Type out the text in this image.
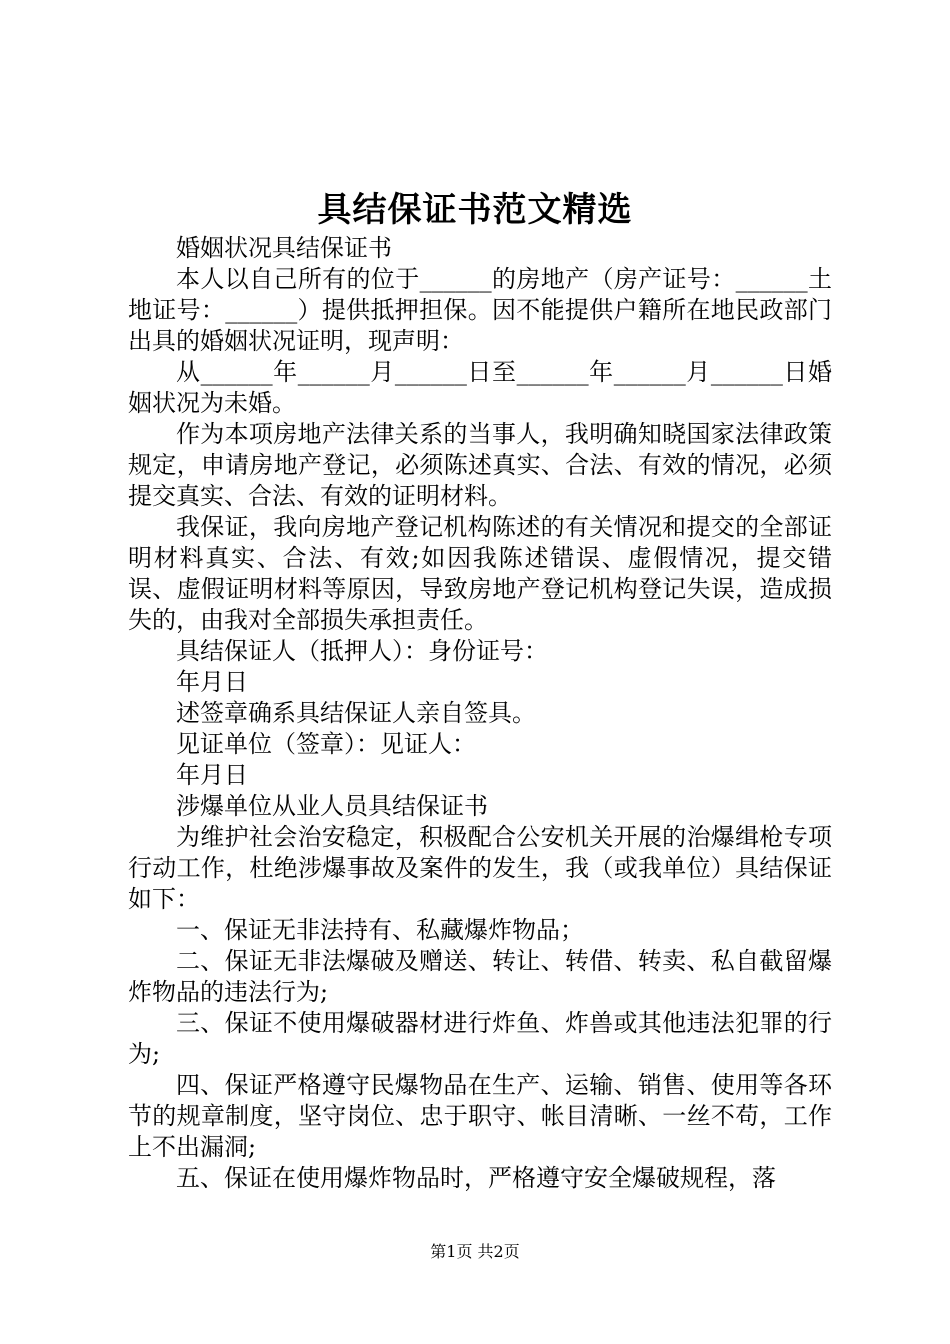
具结保证书范文精选

婚姻状况具结保证书

本人以自己所有的位于______的房地产（房产证号：______土地证号：______）提供抵押担保。因不能提供户籍所在地民政部门出具的婚姻状况证明，现声明：

从______年______月______日至______年______月______日婚姻状况为未婚。

作为本项房地产法律关系的当事人，我明确知晓国家法律政策规定，申请房地产登记，必须陈述真实、合法、有效的情况，必须提交真实、合法、有效的证明材料。

我保证，我向房地产登记机构陈述的有关情况和提交的全部证明材料真实、合法、有效;如因我陈述错误、虚假情况，提交错误、虚假证明材料等原因，导致房地产登记机构登记失误，造成损失的，由我对全部损失承担责任。

具结保证人（抵押人）：身份证号：

年月日

述签章确系具结保证人亲自签具。

见证单位（签章）：见证人：

年月日

涉爆单位从业人员具结保证书

为维护社会治安稳定，积极配合公安机关开展的治爆缉枪专项行动工作，杜绝涉爆事故及案件的发生，我（或我单位）具结保证如下：

一、保证无非法持有、私藏爆炸物品；

二、保证无非法爆破及赠送、转让、转借、转卖、私自截留爆炸物品的违法行为;

三、保证不使用爆破器材进行炸鱼、炸兽或其他违法犯罪的行为;

四、保证严格遵守民爆物品在生产、运输、销售、使用等各环节的规章制度，坚守岗位、忠于职守、帐目清晰、一丝不苟，工作上不出漏洞;

五、保证在使用爆炸物品时，严格遵守安全爆破规程，落

第1页 共2页
